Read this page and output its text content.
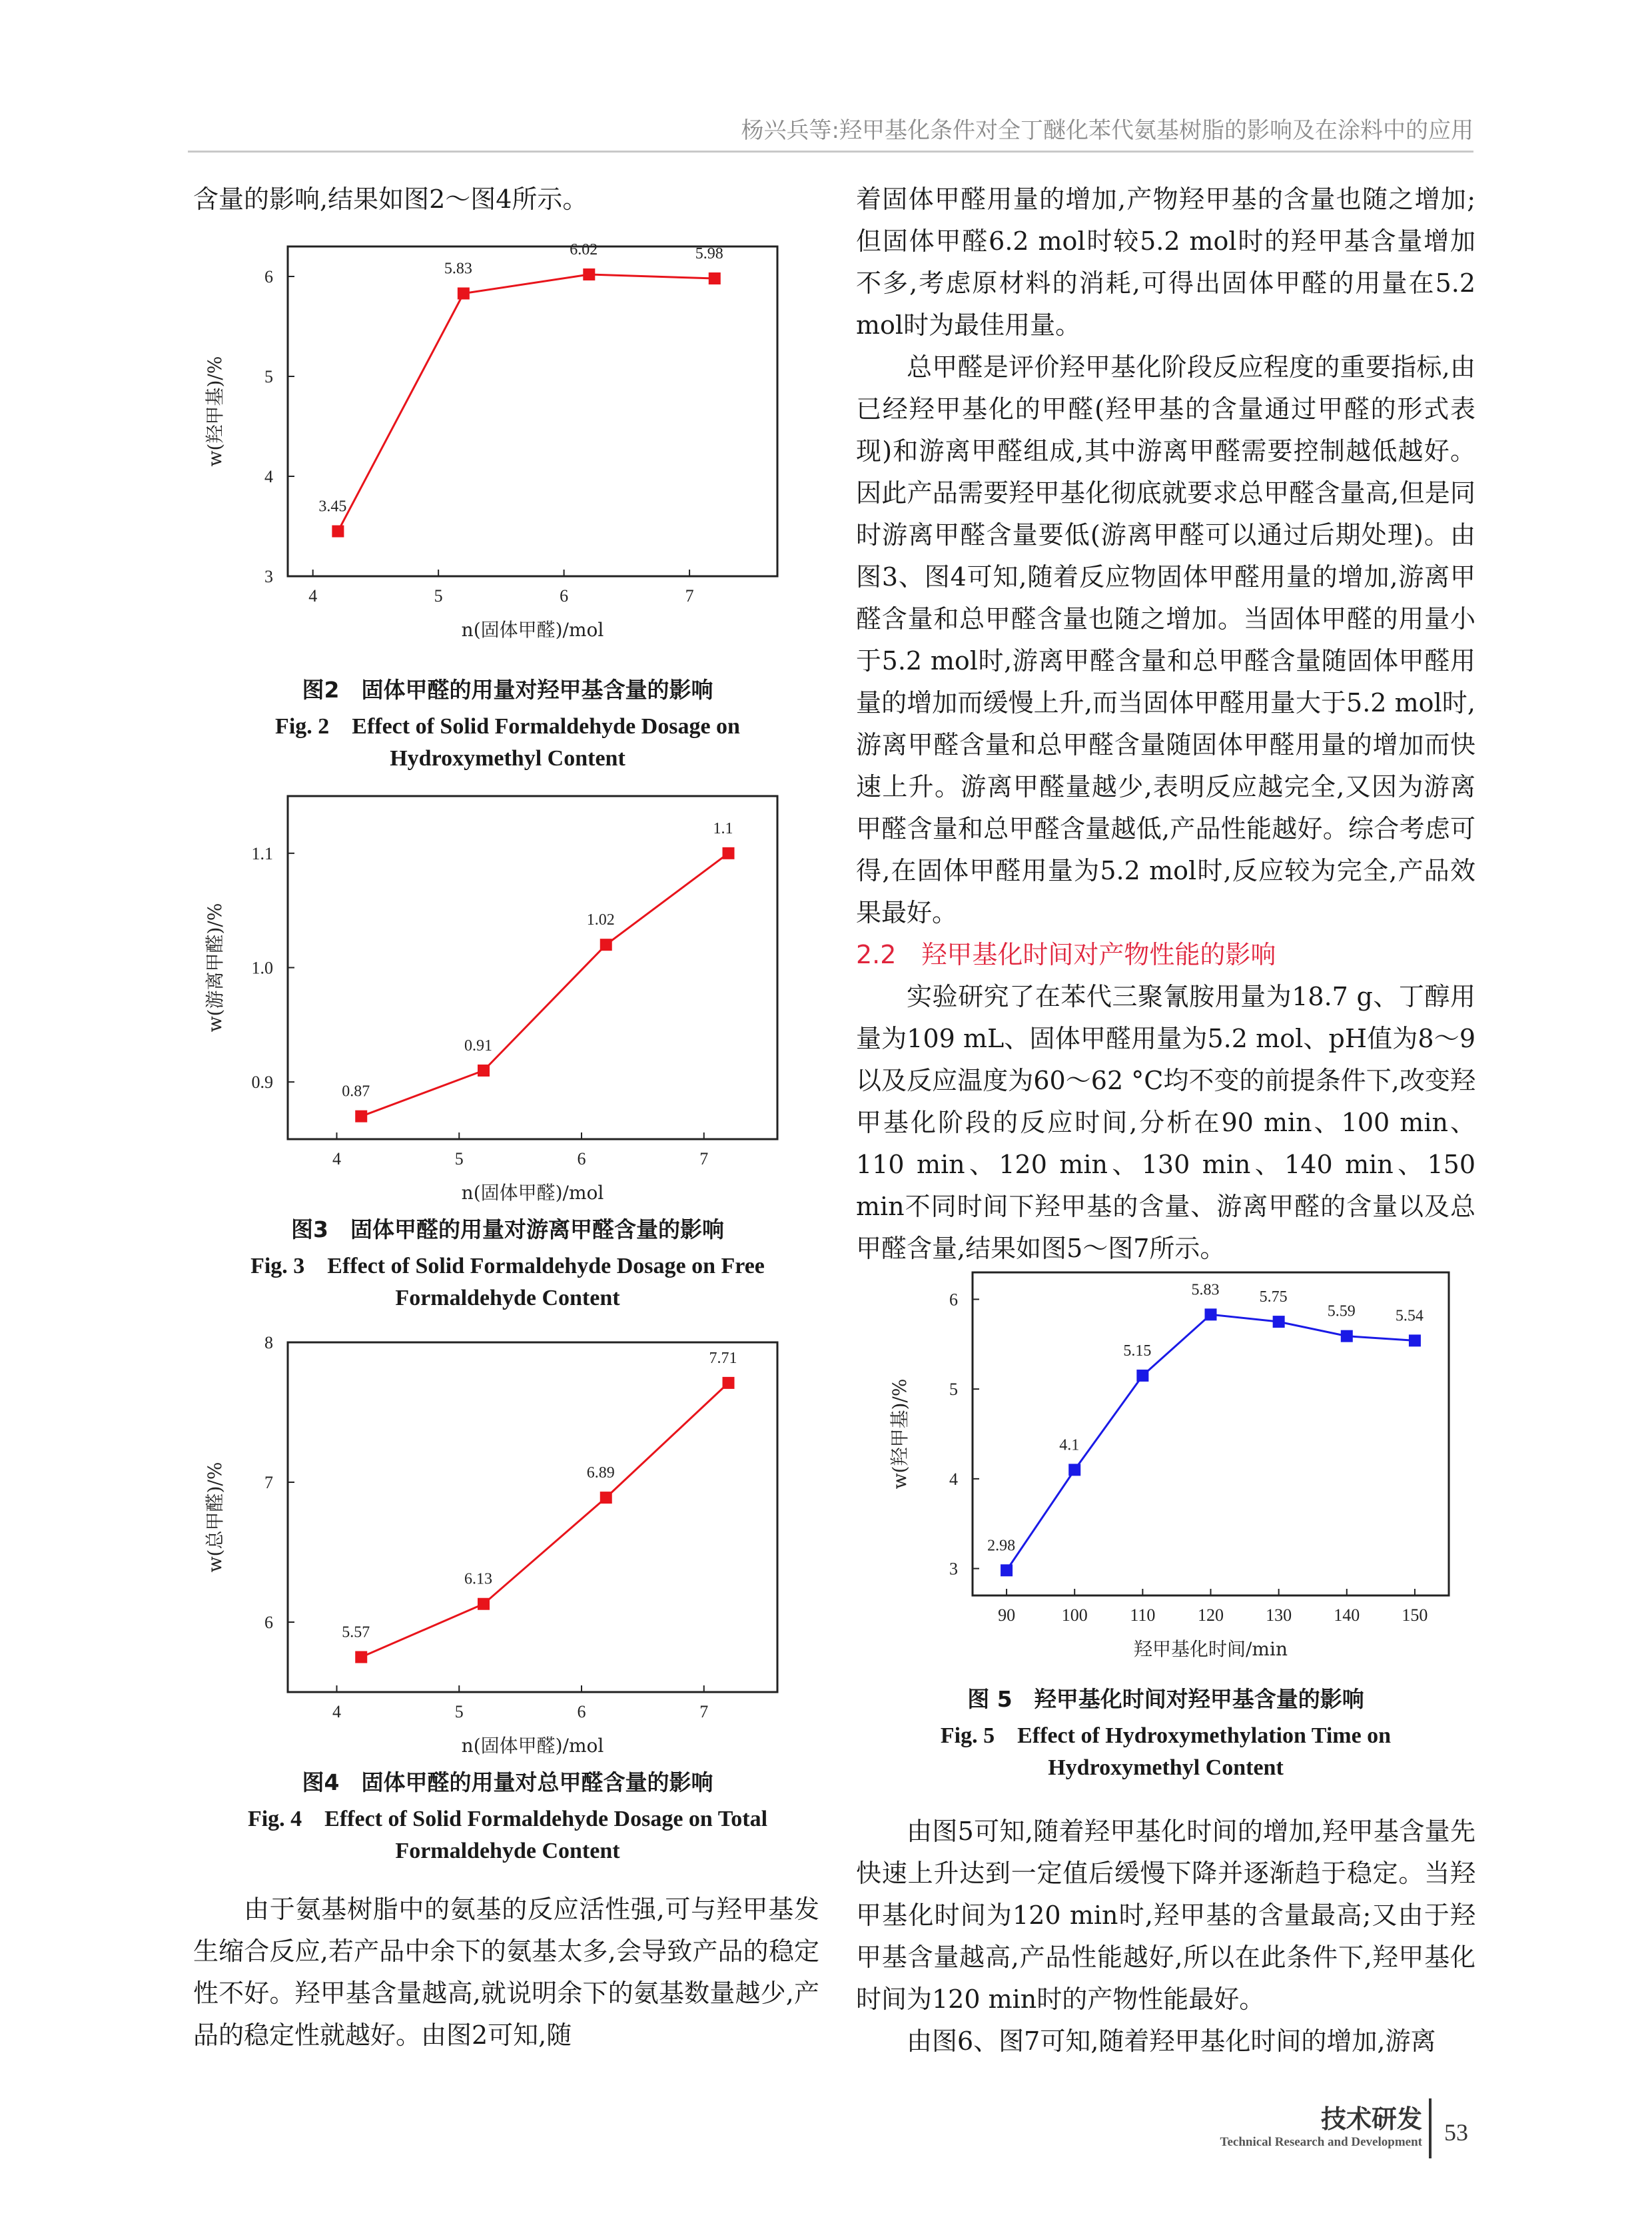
杨兴兵等:羟甲基化条件对全丁醚化苯代氨基树脂的影响及在涂料中的应用

含量的影响,结果如图2～图4所示。

4	5	6	7
3
4
5
6
n(固体甲醛)/mol
w(羟甲基)/%
3.45
5.83
6.02	5.98
图2　固体甲醛的用量对羟甲基含量的影响
Fig. 2　Effect of Solid Formaldehyde Dosage on
Hydroxymethyl Content
4	5	6	7
0.9
1.0
1.1
n(固体甲醛)/mol
w(游离甲醛)/%
0.87
0.91
1.02
1.1
图3　固体甲醛的用量对游离甲醛含量的影响
Fig. 3　Effect of Solid Formaldehyde Dosage on Free
Formaldehyde Content
4	5	6	7
6
7
8
n(固体甲醛)/mol
w(总甲醛)/%
5.57
6.13
6.89
7.71
图4　固体甲醛的用量对总甲醛含量的影响
Fig. 4　Effect of Solid Formaldehyde Dosage on Total
Formaldehyde Content

由于氨基树脂中的氨基的反应活性强,可与羟甲基发生缩合反应,若产品中余下的氨基太多,会导致产品的稳定性不好。羟甲基含量越高,就说明余下的氨基数量越少,产品的稳定性就越好。由图2可知,随

着固体甲醛用量的增加,产物羟甲基的含量也随之增加;但固体甲醛6.2 mol时较5.2 mol时的羟甲基含量增加不多,考虑原材料的消耗,可得出固体甲醛的用量在5.2 mol时为最佳用量。

总甲醛是评价羟甲基化阶段反应程度的重要指标,由已经羟甲基化的甲醛(羟甲基的含量通过甲醛的形式表现)和游离甲醛组成,其中游离甲醛需要控制越低越好。因此产品需要羟甲基化彻底就要求总甲醛含量高,但是同时游离甲醛含量要低(游离甲醛可以通过后期处理)。由图3、图4可知,随着反应物固体甲醛用量的增加,游离甲醛含量和总甲醛含量也随之增加。当固体甲醛的用量小于5.2 mol时,游离甲醛含量和总甲醛含量随固体甲醛用量的增加而缓慢上升,而当固体甲醛用量大于5.2 mol时,游离甲醛含量和总甲醛含量随固体甲醛用量的增加而快速上升。游离甲醛量越少,表明反应越完全,又因为游离甲醛含量和总甲醛含量越低,产品性能越好。综合考虑可得,在固体甲醛用量为5.2 mol时,反应较为完全,产品效果最好。

2.2　羟甲基化时间对产物性能的影响

实验研究了在苯代三聚氰胺用量为18.7 g、丁醇用量为109 mL、固体甲醛用量为5.2 mol、pH值为8～9以及反应温度为60～62 °C均不变的前提条件下,改变羟甲基化阶段的反应时间,分析在90 min、100 min、110 min、120 min、130 min、140 min、150 min不同时间下羟甲基的含量、游离甲醛的含量以及总甲醛含量,结果如图5～图7所示。

90	100 110 120 130 140 150
3
4
5
6
羟甲基化时间/min
w(羟甲基)/%
2.98
4.1
5.15
5.83	5.75
5.59	5.54
图 5　羟甲基化时间对羟甲基含量的影响
Fig. 5　Effect of Hydroxymethylation Time on
Hydroxymethyl Content

由图5可知,随着羟甲基化时间的增加,羟甲基含量先快速上升达到一定值后缓慢下降并逐渐趋于稳定。当羟甲基化时间为120 min时,羟甲基的含量最高;又由于羟甲基含量越高,产品性能越好,所以在此条件下,羟甲基化时间为120 min时的产物性能最好。

由图6、图7可知,随着羟甲基化时间的增加,游离

技术研发
Technical Research and Development 53
